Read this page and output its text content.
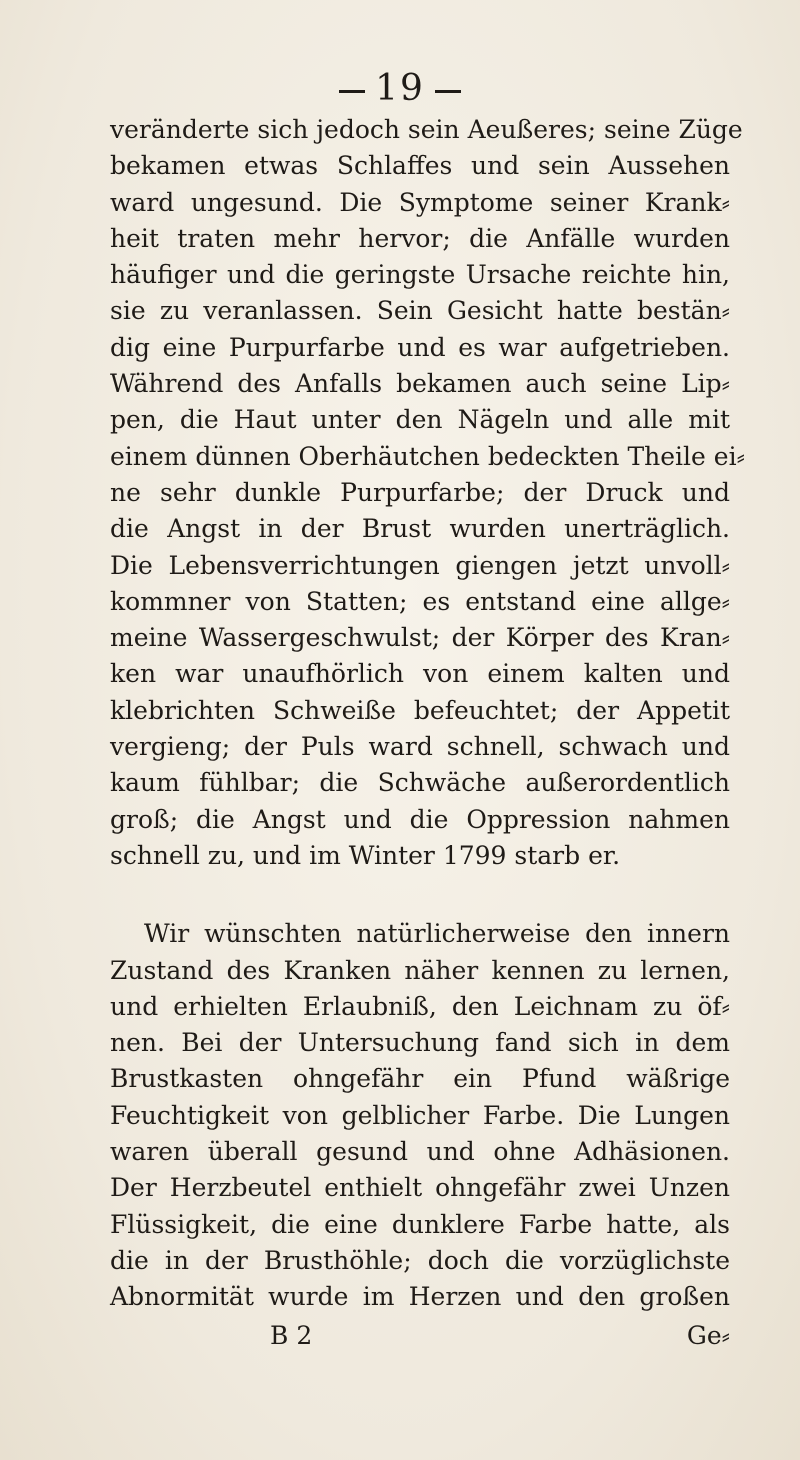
19
veränderte sich jedoch sein Aeußeres; seine Züge
bekamen etwas Schlaffes und sein Aussehen
ward ungesund. Die Symptome seiner Krank⸗
heit traten mehr hervor; die Anfälle wurden
häufiger und die geringste Ursache reichte hin,
sie zu veranlassen. Sein Gesicht hatte bestän⸗
dig eine Purpurfarbe und es war aufgetrieben.
Während des Anfalls bekamen auch seine Lip⸗
pen, die Haut unter den Nägeln und alle mit
einem dünnen Oberhäutchen bedeckten Theile ei⸗
ne sehr dunkle Purpurfarbe; der Druck und
die Angst in der Brust wurden unerträglich.
Die Lebensverrichtungen giengen jetzt unvoll⸗
kommner von Statten; es entstand eine allge⸗
meine Wassergeschwulst; der Körper des Kran⸗
ken war unaufhörlich von einem kalten und
klebrichten Schweiße befeuchtet; der Appetit
vergieng; der Puls ward schnell, schwach und
kaum fühlbar; die Schwäche außerordentlich
groß; die Angst und die Oppression nahmen
schnell zu, und im Winter 1799 starb er.
Wir wünschten natürlicherweise den innern
Zustand des Kranken näher kennen zu lernen,
und erhielten Erlaubniß, den Leichnam zu öf⸗
nen. Bei der Untersuchung fand sich in dem
Brustkasten ohngefähr ein Pfund wäßrige
Feuchtigkeit von gelblicher Farbe. Die Lungen
waren überall gesund und ohne Adhäsionen.
Der Herzbeutel enthielt ohngefähr zwei Unzen
Flüssigkeit, die eine dunklere Farbe hatte, als
die in der Brusthöhle; doch die vorzüglichste
Abnormität wurde im Herzen und den großen
B 2	Ge⸗
